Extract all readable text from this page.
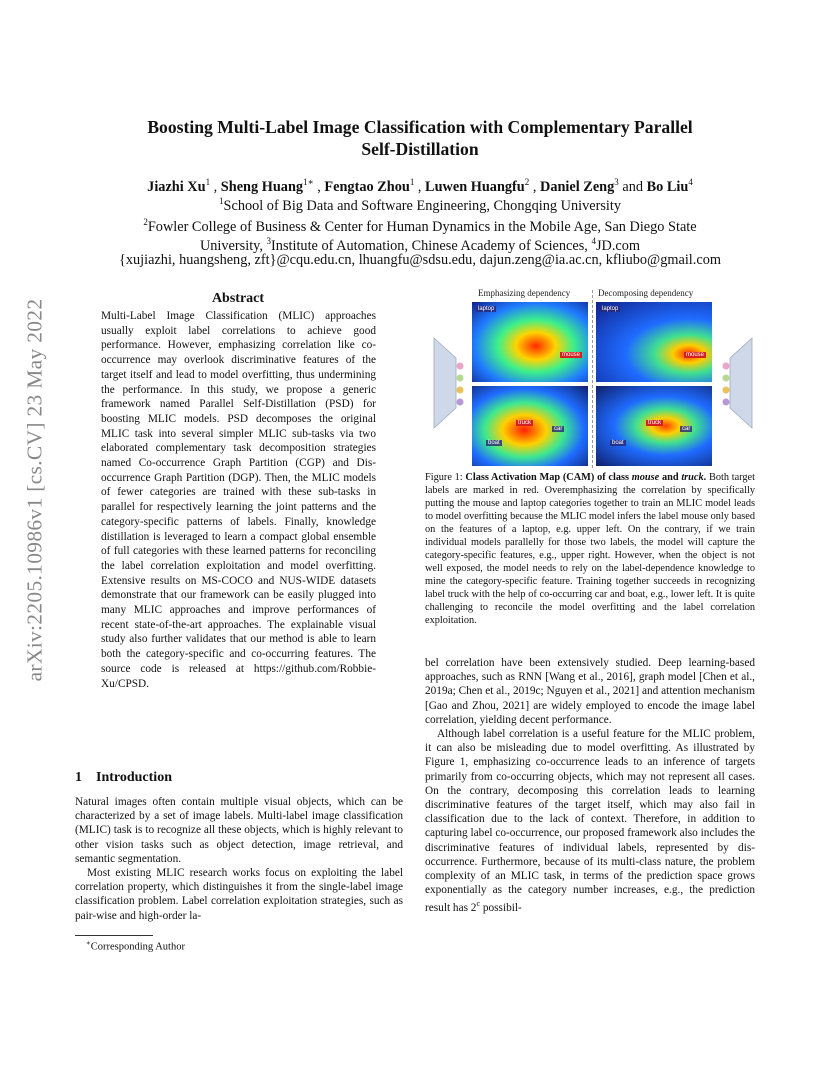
arXiv:2205.10986v1 [cs.CV] 23 May 2022
Boosting Multi-Label Image Classification with Complementary Parallel
Self-Distillation
Jiazhi Xu$^1$ , Sheng Huang$^{1∗}$ , Fengtao Zhou$^1$ , Luwen Huangfu$^2$ , Daniel Zeng$^3$ and Bo Liu$^4$
$^1$School of Big Data and Software Engineering, Chongqing University
$^2$Fowler College of Business & Center for Human Dynamics in the Mobile Age, San Diego State
University, $^3$Institute of Automation, Chinese Academy of Sciences, $^4$JD.com
{xujiazhi, huangsheng, zft}@cqu.edu.cn, lhuangfu@sdsu.edu, dajun.zeng@ia.ac.cn, kfliubo@gmail.com
Abstract
Multi-Label Image Classification (MLIC) approaches usually exploit label correlations to achieve good performance. However, emphasizing correlation like co-occurrence may overlook discriminative features of the target itself and lead to model overfitting, thus undermining the performance. In this study, we propose a generic framework named Parallel Self-Distillation (PSD) for boosting MLIC models. PSD decomposes the original MLIC task into several simpler MLIC sub-tasks via two elaborated complementary task decomposition strategies named Co-occurrence Graph Partition (CGP) and Dis-occurrence Graph Partition (DGP). Then, the MLIC models of fewer categories are trained with these sub-tasks in parallel for respectively learning the joint patterns and the category-specific patterns of labels. Finally, knowledge distillation is leveraged to learn a compact global ensemble of full categories with these learned patterns for reconciling the label correlation exploitation and model overfitting. Extensive results on MS-COCO and NUS-WIDE datasets demonstrate that our framework can be easily plugged into many MLIC approaches and improve performances of recent state-of-the-art approaches. The explainable visual study also further validates that our method is able to learn both the category-specific and co-occurring features. The source code is released at https://github.com/Robbie-Xu/CPSD.
1 Introduction

Natural images often contain multiple visual objects, which can be characterized by a set of image labels. Multi-label image classification (MLIC) task is to recognize all these objects, which is highly relevant to other vision tasks such as object detection, image retrieval, and semantic segmentation.

Most existing MLIC research works focus on exploiting the label correlation property, which distinguishes it from the single-label image classification problem. Label correlation exploitation strategies, such as pair-wise and high-order la-

∗Corresponding Author
Emphasizing dependency	Decomposing dependency
laptop
mouse
laptop
mouse
truck
car
boat
truck
car
boat
Figure 1: Class Activation Map (CAM) of class mouse and truck. Both target labels are marked in red. Overemphasizing the correlation by specifically putting the mouse and laptop categories together to train an MLIC model leads to model overfitting because the MLIC model infers the label mouse only based on the features of a laptop, e.g. upper left. On the contrary, if we train individual models parallelly for those two labels, the model will capture the category-specific features, e.g., upper right. However, when the object is not well exposed, the model needs to rely on the label-dependence knowledge to mine the category-specific feature. Training together succeeds in recognizing label truck with the help of co-occurring car and boat, e.g., lower left. It is quite challenging to reconcile the model overfitting and the label correlation exploitation.

bel correlation have been extensively studied. Deep learning-based approaches, such as RNN [Wang et al., 2016], graph model [Chen et al., 2019a; Chen et al., 2019c; Nguyen et al., 2021] and attention mechanism [Gao and Zhou, 2021] are widely employed to encode the image label correlation, yielding decent performance.

Although label correlation is a useful feature for the MLIC problem, it can also be misleading due to model overfitting. As illustrated by Figure 1, emphasizing co-occurrence leads to an inference of targets primarily from co-occurring objects, which may not represent all cases. On the contrary, decomposing this correlation leads to learning discriminative features of the target itself, which may also fail in classification due to the lack of context. Therefore, in addition to capturing label co-occurrence, our proposed framework also includes the discriminative features of individual labels, represented by dis-occurrence. Furthermore, because of its multi-class nature, the problem complexity of an MLIC task, in terms of the prediction space grows exponentially as the category number increases, e.g., the prediction result has 2$^c$ possibil-
